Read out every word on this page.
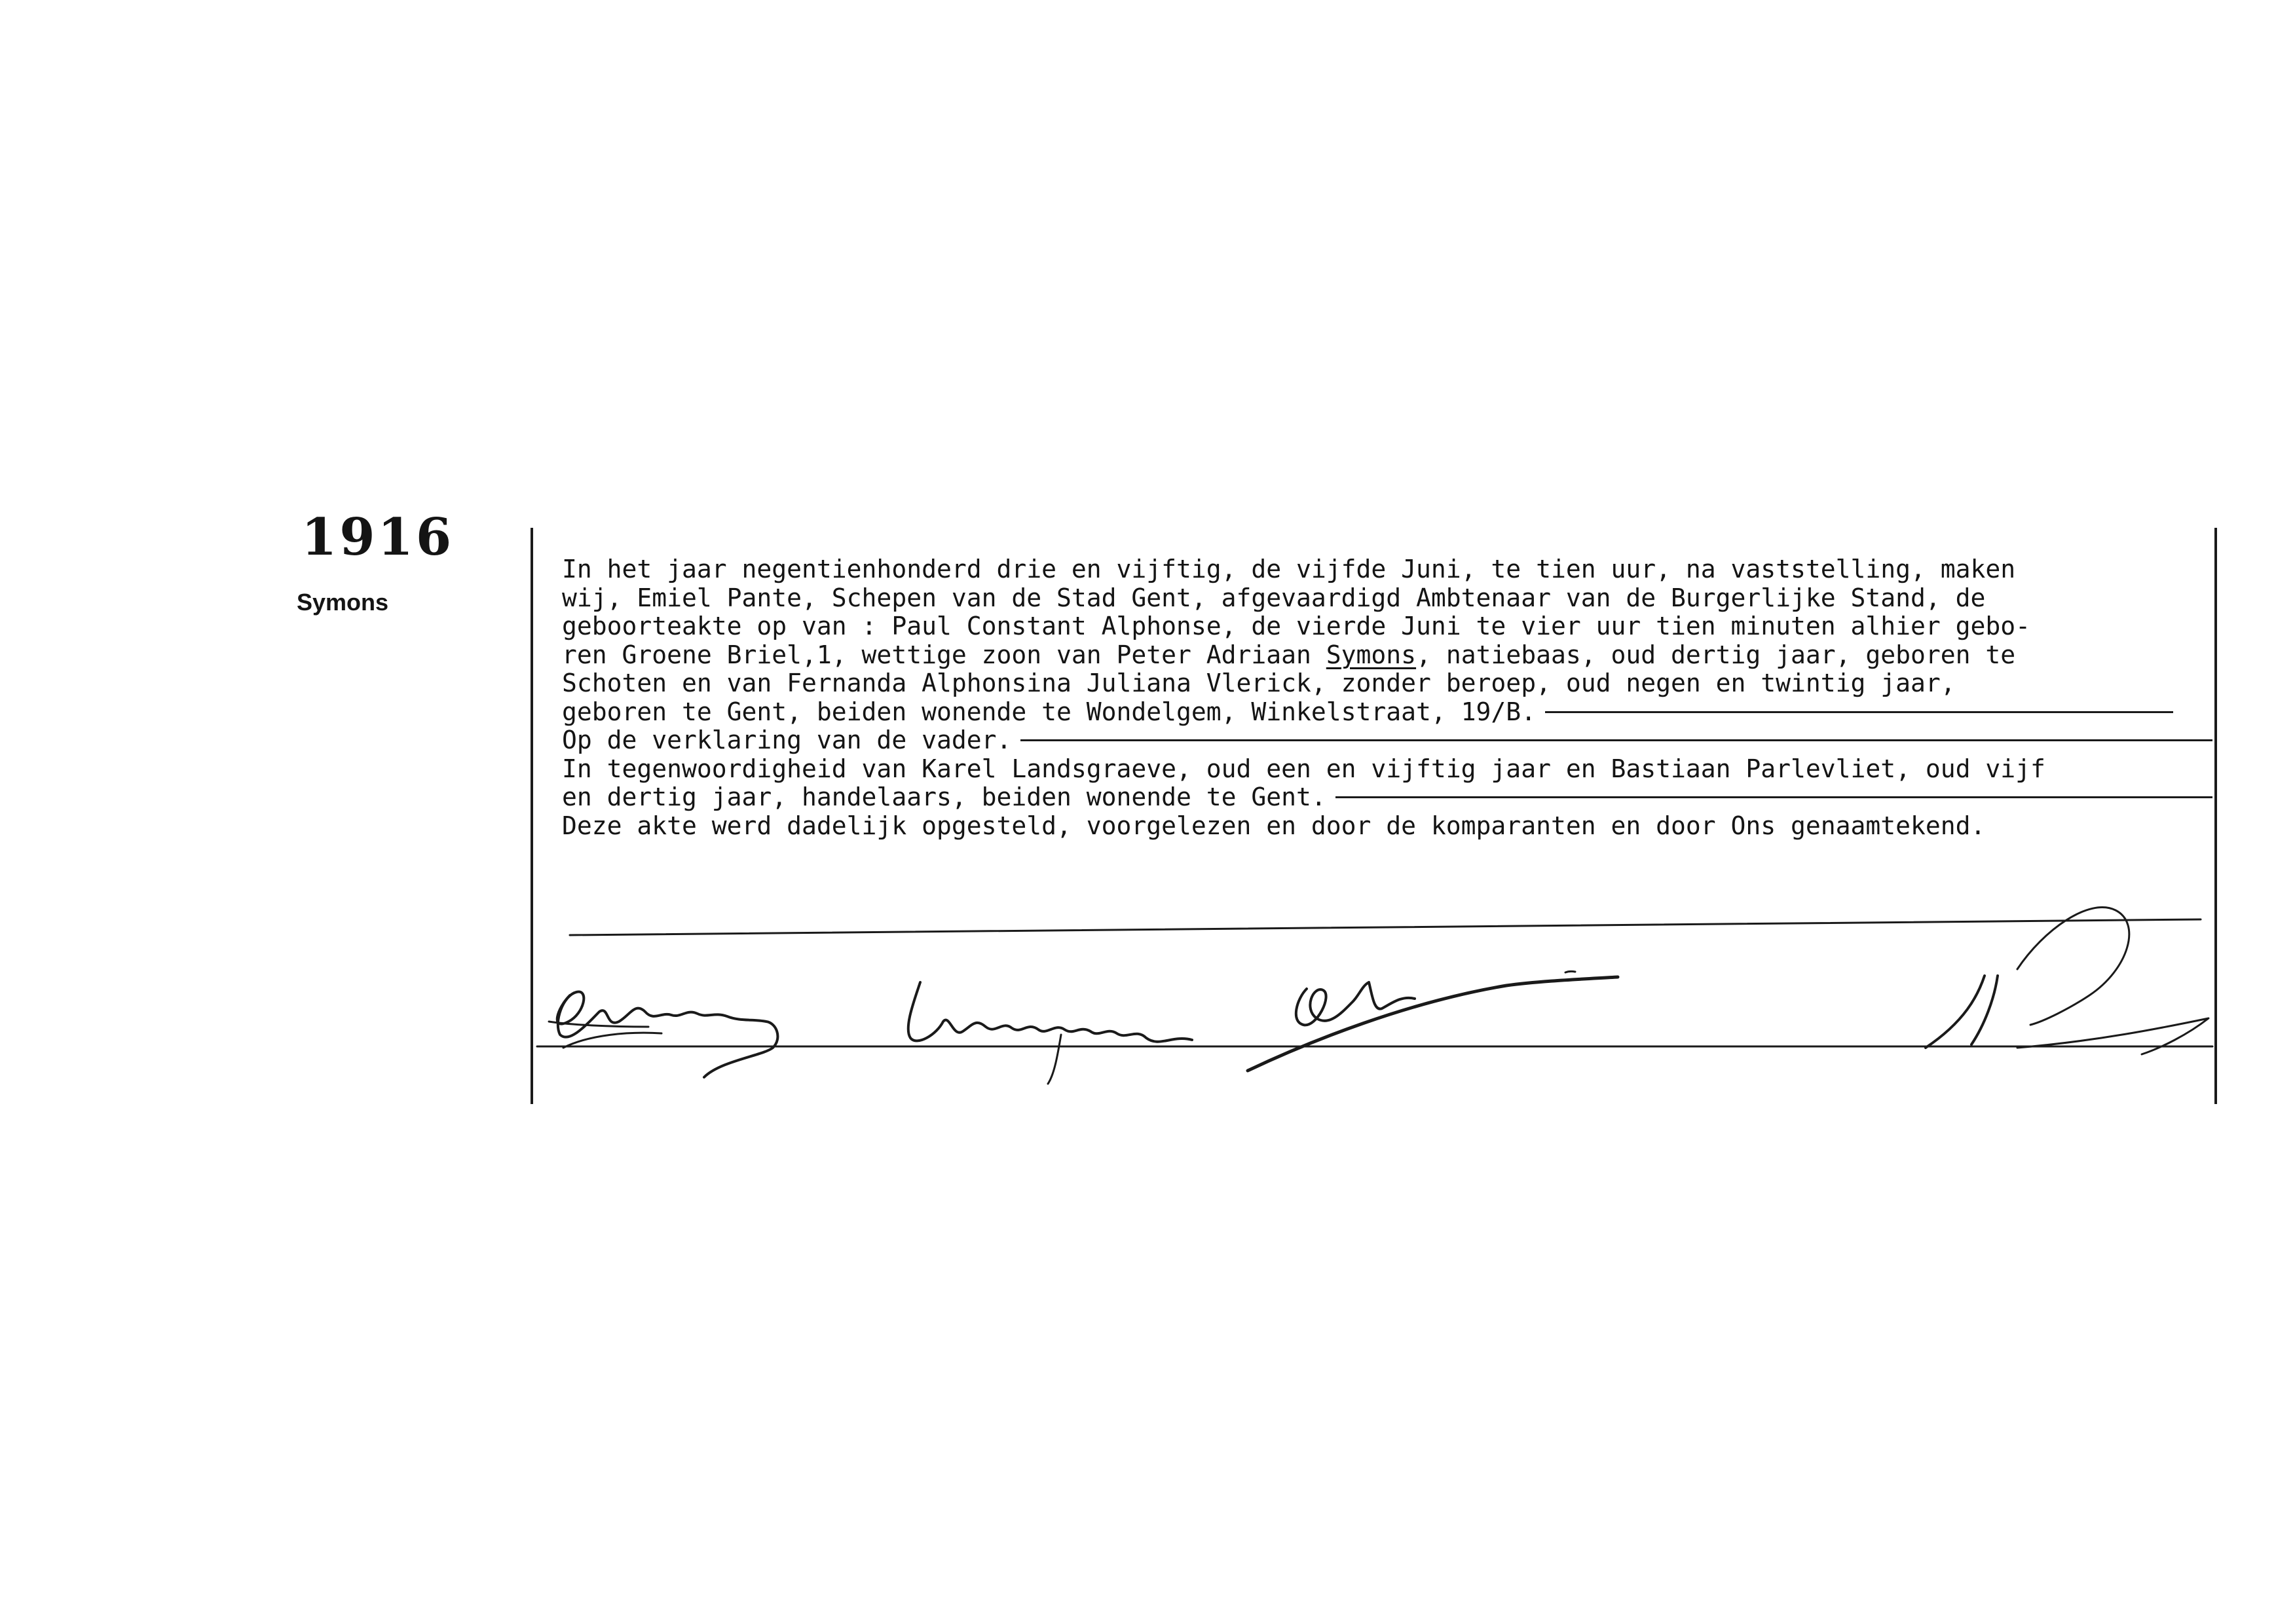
1916
Symons
In het jaar negentienhonderd drie en vijftig, de vijfde Juni, te tien uur, na vaststelling, maken
wij, Emiel Pante, Schepen van de Stad Gent, afgevaardigd Ambtenaar van de Burgerlijke Stand, de
geboorteakte op van : Paul Constant Alphonse, de vierde Juni te vier uur tien minuten alhier gebo-
ren Groene Briel,1, wettige zoon van Peter Adriaan Symons , natiebaas, oud dertig jaar, geboren te
Schoten en van Fernanda Alphonsina Juliana Vlerick, zonder beroep, oud negen en twintig jaar,
geboren te Gent, beiden wonende te Wondelgem, Winkelstraat, 19/B.
Op de verklaring van de vader.
In tegenwoordigheid van Karel Landsgraeve, oud een en vijftig jaar en Bastiaan Parlevliet, oud vijf
en dertig jaar, handelaars, beiden wonende te Gent.
Deze akte werd dadelijk opgesteld, voorgelezen en door de komparanten en door Ons genaamtekend.
